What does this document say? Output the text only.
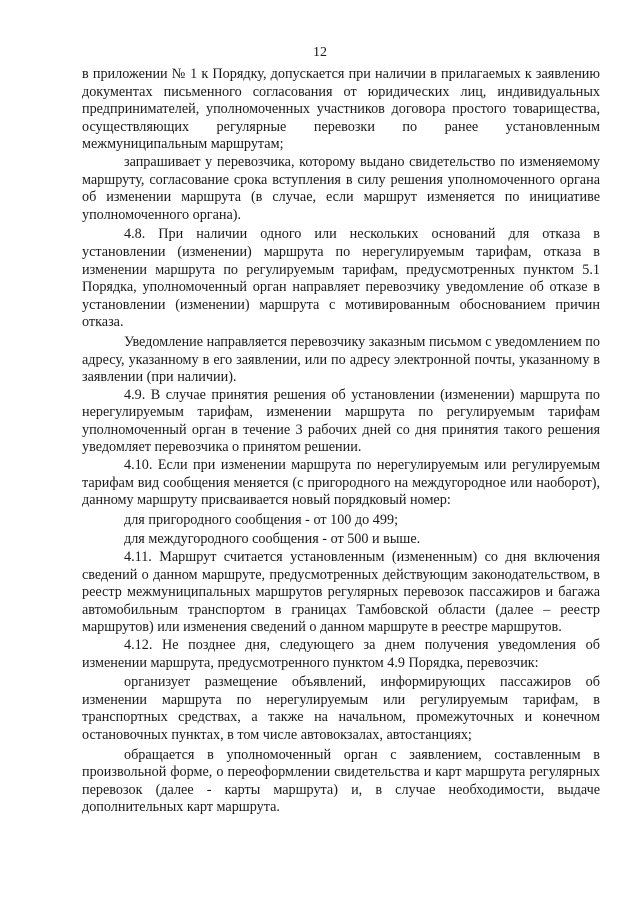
12

в приложении № 1 к Порядку, допускается при наличии в прилагаемых к заявлению документах письменного согласования от юридических лиц, индивидуальных предпринимателей, уполномоченных участников договора простого товарищества, осуществляющих регулярные перевозки по ранее установленным межмуниципальным маршрутам;

запрашивает у перевозчика, которому выдано свидетельство по изменяемому маршруту, согласование срока вступления в силу решения уполномоченного органа об изменении маршрута (в случае, если маршрут изменяется по инициативе уполномоченного органа).

4.8. При наличии одного или нескольких оснований для отказа в установлении (изменении) маршрута по нерегулируемым тарифам, отказа в изменении маршрута по регулируемым тарифам, предусмотренных пунктом 5.1 Порядка, уполномоченный орган направляет перевозчику уведомление об отказе в установлении (изменении) маршрута с мотивированным обоснованием причин отказа.

Уведомление направляется перевозчику заказным письмом с уведомлением по адресу, указанному в его заявлении, или по адресу электронной почты, указанному в заявлении (при наличии).

4.9. В случае принятия решения об установлении (изменении) маршрута по нерегулируемым тарифам, изменении маршрута по регулируемым тарифам уполномоченный орган в течение 3 рабочих дней со дня принятия такого решения уведомляет перевозчика о принятом решении.

4.10. Если при изменении маршрута по нерегулируемым или регулируемым тарифам вид сообщения меняется (с пригородного на междугородное или наоборот), данному маршруту присваивается новый порядковый номер:

для пригородного сообщения - от 100 до 499;

для междугородного сообщения - от 500 и выше.

4.11. Маршрут считается установленным (измененным) со дня включения сведений о данном маршруте, предусмотренных действующим законодательством, в реестр межмуниципальных маршрутов регулярных перевозок пассажиров и багажа автомобильным транспортом в границах Тамбовской области (далее – реестр маршрутов) или изменения сведений о данном маршруте в реестре маршрутов.

4.12. Не позднее дня, следующего за днем получения уведомления об изменении маршрута, предусмотренного пунктом 4.9 Порядка, перевозчик:

организует размещение объявлений, информирующих пассажиров об изменении маршрута по нерегулируемым или регулируемым тарифам, в транспортных средствах, а также на начальном, промежуточных и конечном остановочных пунктах, в том числе автовокзалах, автостанциях;

обращается в уполномоченный орган с заявлением, составленным в произвольной форме, о переоформлении свидетельства и карт маршрута регулярных перевозок (далее - карты маршрута) и, в случае необходимости, выдаче дополнительных карт маршрута.
